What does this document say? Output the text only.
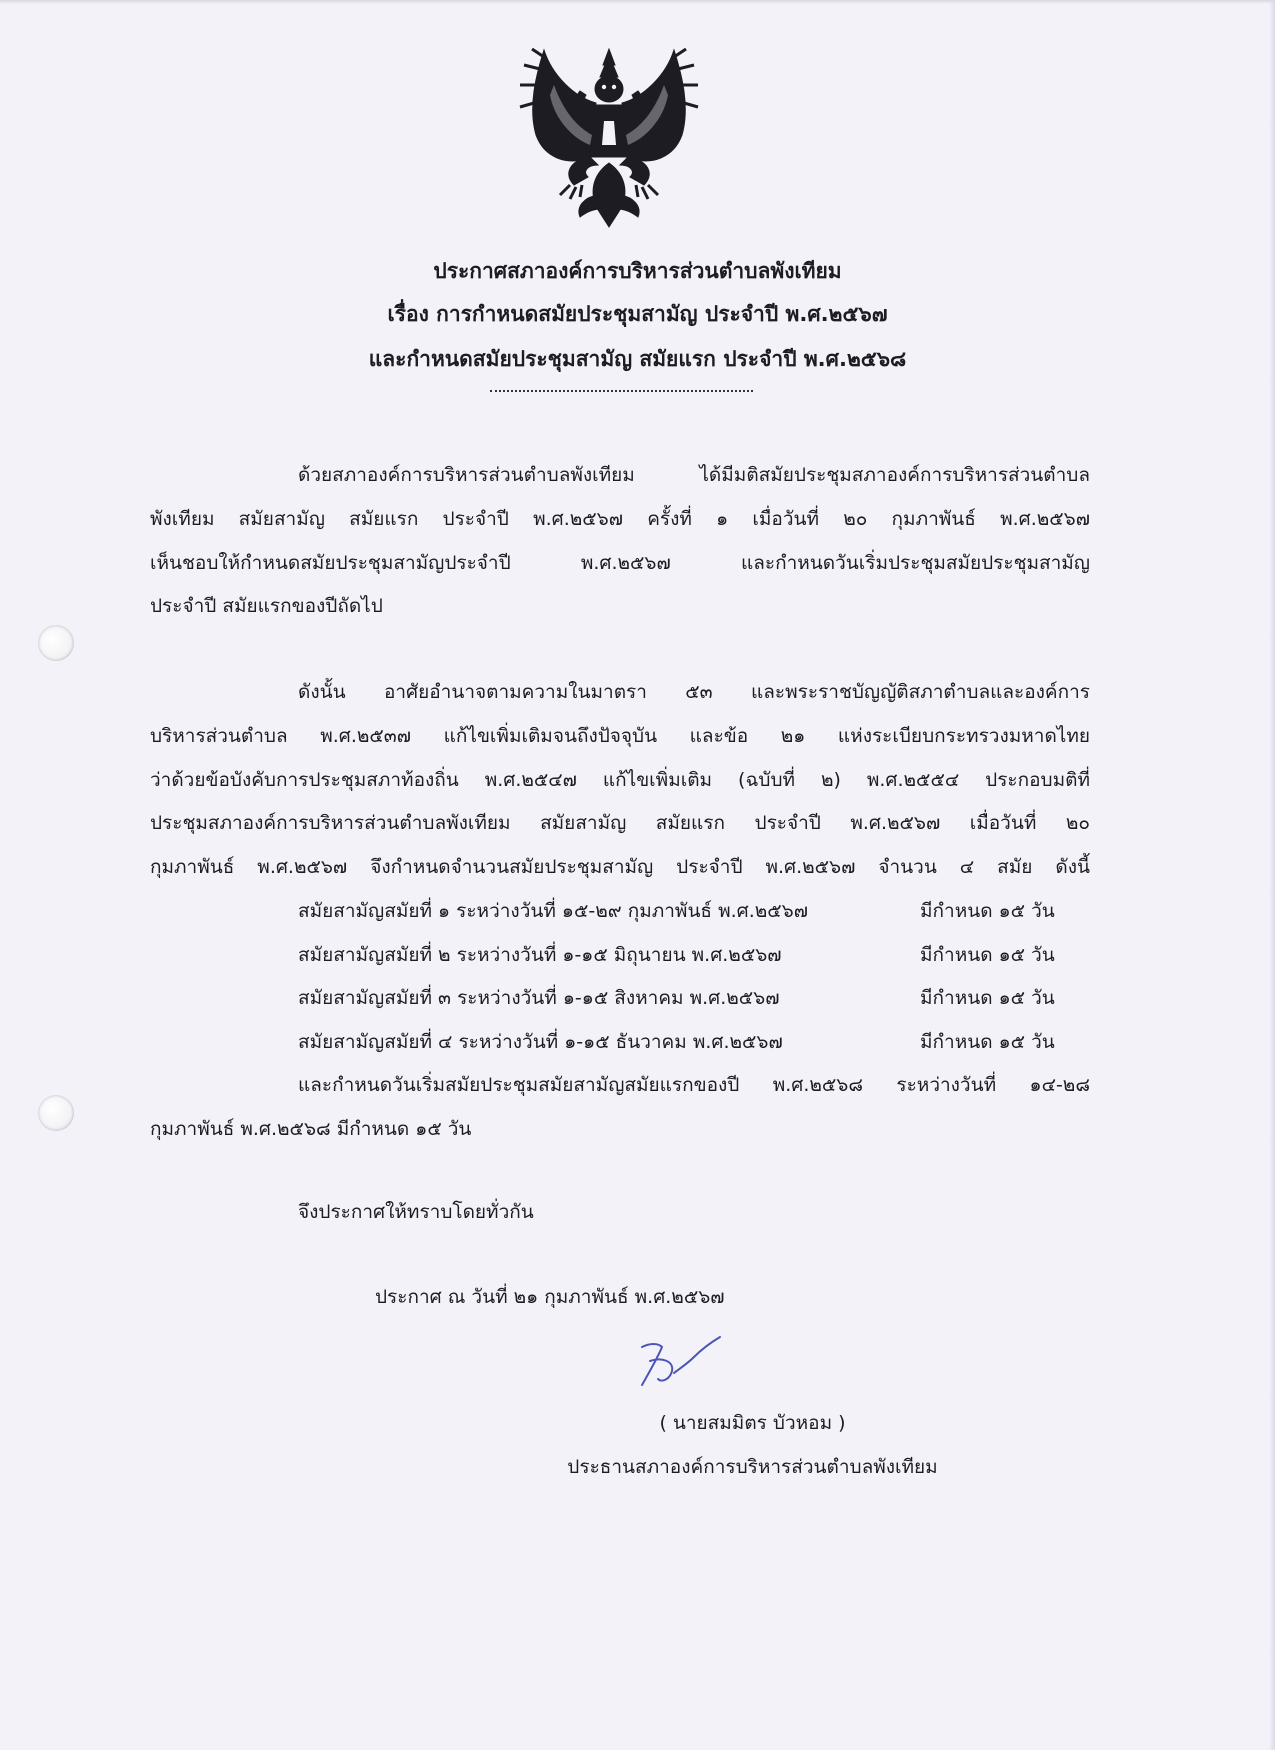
ประกาศสภาองค์การบริหารส่วนตำบลพังเทียม
เรื่อง การกำหนดสมัยประชุมสามัญ ประจำปี พ.ศ.๒๕๖๗
และกำหนดสมัยประชุมสามัญ สมัยแรก ประจำปี พ.ศ.๒๕๖๘
ด้วยสภาองค์การบริหารส่วนตำบลพังเทียม ได้มีมติสมัยประชุมสภาองค์การบริหารส่วนตำบล
พังเทียม สมัยสามัญ สมัยแรก ประจำปี พ.ศ.๒๕๖๗ ครั้งที่ ๑ เมื่อวันที่ ๒๐ กุมภาพันธ์ พ.ศ.๒๕๖๗
เห็นชอบให้กำหนดสมัยประชุมสามัญประจำปี พ.ศ.๒๕๖๗ และกำหนดวันเริ่มประชุมสมัยประชุมสามัญ
ประจำปี สมัยแรกของปีถัดไป
ดังนั้น อาศัยอำนาจตามความในมาตรา ๕๓ และพระราชบัญญัติสภาตำบลและองค์การ
บริหารส่วนตำบล พ.ศ.๒๕๓๗ แก้ไขเพิ่มเติมจนถึงปัจจุบัน และข้อ ๒๑ แห่งระเบียบกระทรวงมหาดไทย
ว่าด้วยข้อบังคับการประชุมสภาท้องถิ่น พ.ศ.๒๕๔๗ แก้ไขเพิ่มเติม (ฉบับที่ ๒) พ.ศ.๒๕๕๔ ประกอบมติที่
ประชุมสภาองค์การบริหารส่วนตำบลพังเทียม สมัยสามัญ สมัยแรก ประจำปี พ.ศ.๒๕๖๗ เมื่อวันที่ ๒๐
กุมภาพันธ์ พ.ศ.๒๕๖๗ จึงกำหนดจำนวนสมัยประชุมสามัญ ประจำปี พ.ศ.๒๕๖๗ จำนวน ๔ สมัย ดังนี้
สมัยสามัญสมัยที่ ๑ ระหว่างวันที่ ๑๕-๒๙ กุมภาพันธ์ พ.ศ.๒๕๖๗	มีกำหนด ๑๕ วัน
สมัยสามัญสมัยที่ ๒ ระหว่างวันที่ ๑-๑๕ มิถุนายน พ.ศ.๒๕๖๗	มีกำหนด ๑๕ วัน
สมัยสามัญสมัยที่ ๓ ระหว่างวันที่ ๑-๑๕ สิงหาคม พ.ศ.๒๕๖๗	มีกำหนด ๑๕ วัน
สมัยสามัญสมัยที่ ๔ ระหว่างวันที่ ๑-๑๕ ธันวาคม พ.ศ.๒๕๖๗	มีกำหนด ๑๕ วัน
และกำหนดวันเริ่มสมัยประชุมสมัยสามัญสมัยแรกของปี พ.ศ.๒๕๖๘ ระหว่างวันที่ ๑๔-๒๘
กุมภาพันธ์ พ.ศ.๒๕๖๘ มีกำหนด ๑๕ วัน
จึงประกาศให้ทราบโดยทั่วกัน
ประกาศ ณ วันที่ ๒๑ กุมภาพันธ์ พ.ศ.๒๕๖๗
( นายสมมิตร บัวหอม )
ประธานสภาองค์การบริหารส่วนตำบลพังเทียม
